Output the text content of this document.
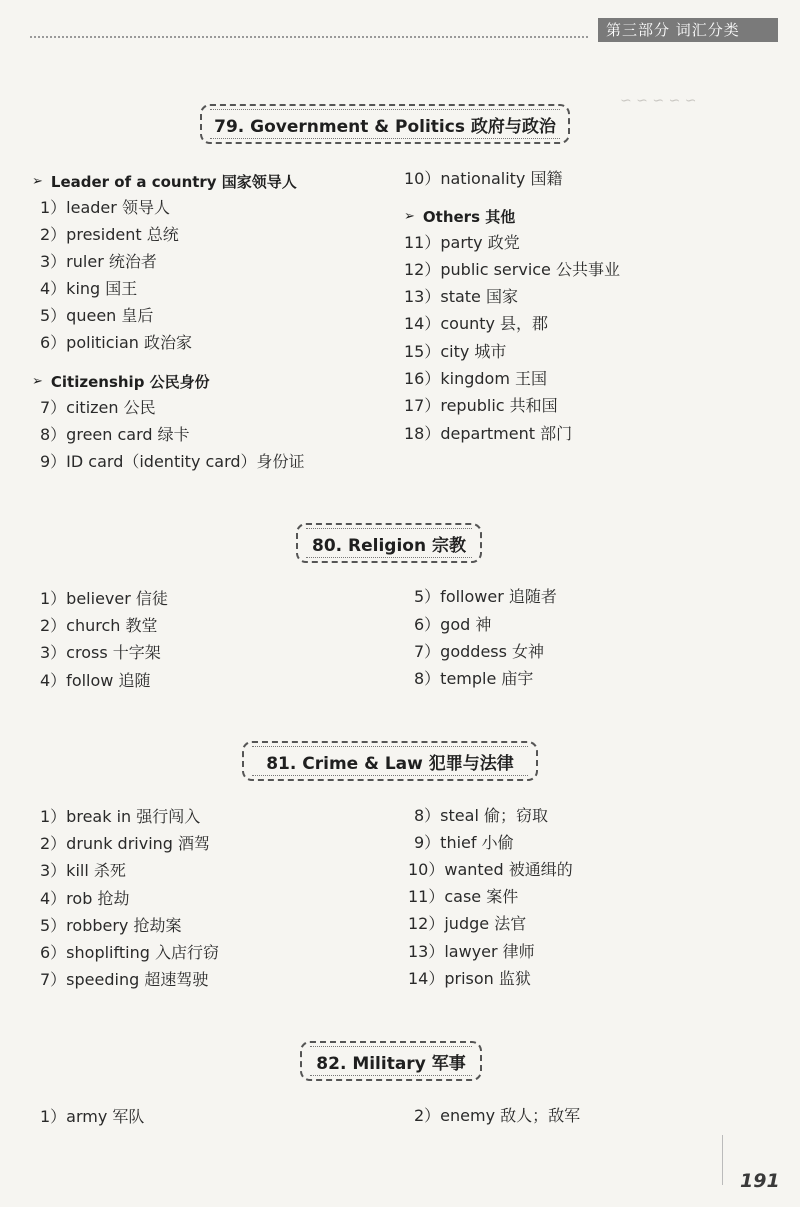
第三部分 词汇分类
~ ~ ~ ~ ~
79. Government & Politics 政府与政治
➢ Leader of a country 国家领导人
1）leader 领导人
2）president 总统
3）ruler 统治者
4）king 国王
5）queen 皇后
6）politician 政治家
➢ Citizenship 公民身份
7）citizen 公民
8）green card 绿卡
9）ID card（identity card）身份证
10）nationality 国籍
➢ Others 其他
11）party 政党
12）public service 公共事业
13）state 国家
14）county 县，郡
15）city 城市
16）kingdom 王国
17）republic 共和国
18）department 部门
80. Religion 宗教
1）believer 信徒
2）church 教堂
3）cross 十字架
4）follow 追随
5）follower 追随者
6）god 神
7）goddess 女神
8）temple 庙宇
81. Crime & Law 犯罪与法律
1）break in 强行闯入
2）drunk driving 酒驾
3）kill 杀死
4）rob 抢劫
5）robbery 抢劫案
6）shoplifting 入店行窃
7）speeding 超速驾驶
8）steal 偷；窃取
9）thief 小偷
10）wanted 被通缉的
11）case 案件
12）judge 法官
13）lawyer 律师
14）prison 监狱
82. Military 军事
1）army 军队	2）enemy 敌人；敌军
191
